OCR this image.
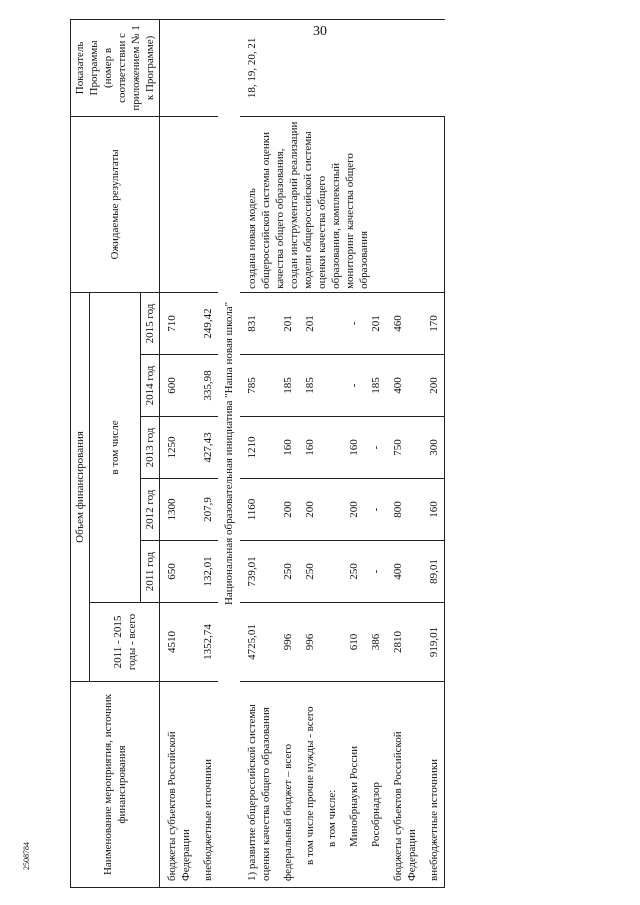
30
2508784	Наименование мероприятия, источник финансирования	Объем финансирования						Ожидаемые результаты	Показатель Программы (номер в соответствии с приложением № 1 к Программе)
	2011 - 2015 годы - всего	в том числе						
		2011 год	2012 год	2013 год	2014 год	2015 год		
бюджеты субъектов Российской Федерации	4510	650	1300	1250	600	710		
внебюджетные источники	1352,74	132,01	207,9	427,43	335,98	249,42		
Национальная образовательная инициатива "Наша новая школа"								
1) развитие общероссийской системы оценки качества общего образования	4725,01	739,01	1160	1210	785	831	создана новая модель общероссийской системы оценки качества общего образования, создан инструментарий реализации модели общероссийской системы оценки качества общего образования, комплексный мониторинг качества общего образования	18, 19, 20, 21
федеральный бюджет – всего	996	250	200	160	185	201		
в том числе прочие нужды - всего	996	250	200	160	185	201		
в том числе:								
Минобрнауки России	610	250	200	160	-	-		
Рособрнадзор	386	-	-	-	185	201		
бюджеты субъектов Российской Федерации	2810	400	800	750	400	460		
внебюджетные источники	919,01	89,01	160	300	200	170		
